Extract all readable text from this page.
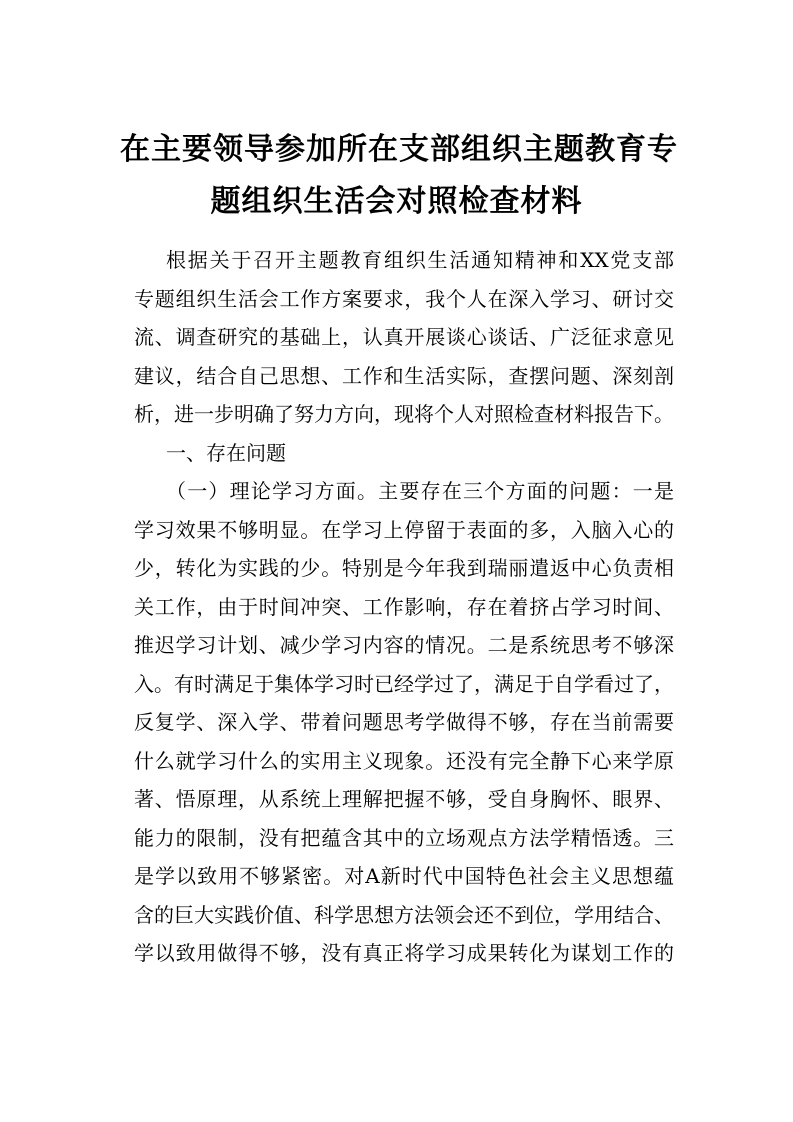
在主要领导参加所在支部组织主题教育专
题组织生活会对照检查材料
根据关于召开主题教育组织生活通知精神和XX党支部
专题组织生活会工作方案要求，我个人在深入学习、研讨交
流、调查研究的基础上，认真开展谈心谈话、广泛征求意见
建议，结合自己思想、工作和生活实际，查摆问题、深刻剖
析，进一步明确了努力方向，现将个人对照检查材料报告下。
一、存在问题
（一）理论学习方面。主要存在三个方面的问题：一是
学习效果不够明显。在学习上停留于表面的多，入脑入心的
少，转化为实践的少。特别是今年我到瑞丽遣返中心负责相
关工作，由于时间冲突、工作影响，存在着挤占学习时间、
推迟学习计划、减少学习内容的情况。二是系统思考不够深
入。有时满足于集体学习时已经学过了，满足于自学看过了，
反复学、深入学、带着问题思考学做得不够，存在当前需要
什么就学习什么的实用主义现象。还没有完全静下心来学原
著、悟原理，从系统上理解把握不够，受自身胸怀、眼界、
能力的限制，没有把蕴含其中的立场观点方法学精悟透。三
是学以致用不够紧密。对A新时代中国特色社会主义思想蕴
含的巨大实践价值、科学思想方法领会还不到位，学用结合、
学以致用做得不够，没有真正将学习成果转化为谋划工作的
